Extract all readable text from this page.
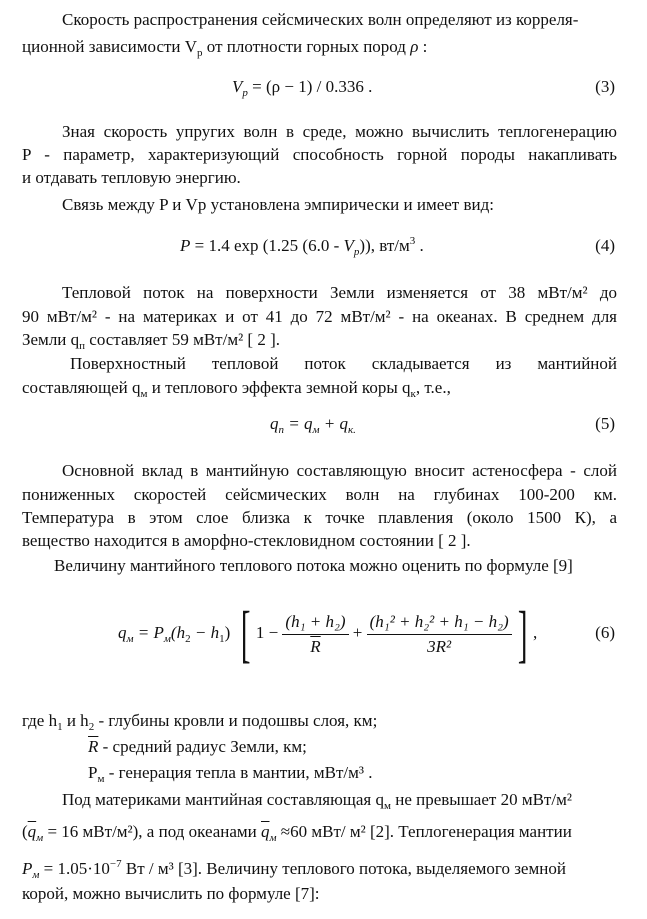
Скорость распространения сейсмических волн определяют из корреля-
ционной зависимости $V_p$ от плотности горных пород ρ :
$V_p = (\rho - 1) / 0.336$ .	(3)
Зная скорость упругих волн в среде, можно вычислить теплогенерацию
P - параметр, характеризующий способность горной породы накапливать
и отдавать тепловую энергию.
Связь между P и Vp установлена эмпирически и имеет вид:
P = 1.4 exp (1.25 $(6.0 - V_p)$), $вт/м^3$ .	(4)
Тепловой поток на поверхности Земли изменяется от 38 мВт/м² до
90 мВт/м² - на материках и от 41 до 72 мВт/м² - на океанах. В среднем для
Земли $q_п$ составляет 59 мВт/м² [ 2 ].
Поверхностный тепловой поток складывается из мантийной
составляющей $q_м$ и теплового эффекта земной коры $q_к$, т.е.,
$q_п = q_м + q_{к.}$	(5)
Основной вклад в мантийную составляющую вносит астеносфера - слой
пониженных скоростей сейсмических волн на глубинах 100-200 км.
Температура в этом слое близка к точке плавления (около 1500 К), а
вещество находится в аморфно-стекловидном состоянии [ 2 ].
Величину мантийного теплового потока можно оценить по формуле [9]
$q_м = P_м(h_2 - h_1)$ [ $1 - \frac{\text{(h₁ + h₂)}}{R} + \frac{\text{(h₁² + h₂² + h₁ − h₂)}}{\text{3R²}}$ ] ,	(6)
где $h_1$ и $h_2$ - глубины кровли и подошвы слоя, км;
$\overline{R}$ - средний радиус Земли, км;
$P_м$ - генерация тепла в мантии, мВт/м³ .
Под материками мантийная составляющая $q_м$ не превышает 20 мВт/м²
($\overline{q}_м = 16$ мВт/м²), а под океанами $\overline{q}_м \approx 60$ мВт/ м² [2]. Теплогенерация мантии
$P_м = 1.05\cdot 10^{-7}$ Вт / м³ [3]. Величину теплового потока, выделяемого земной
корой, можно вычислить по формуле [7]:
